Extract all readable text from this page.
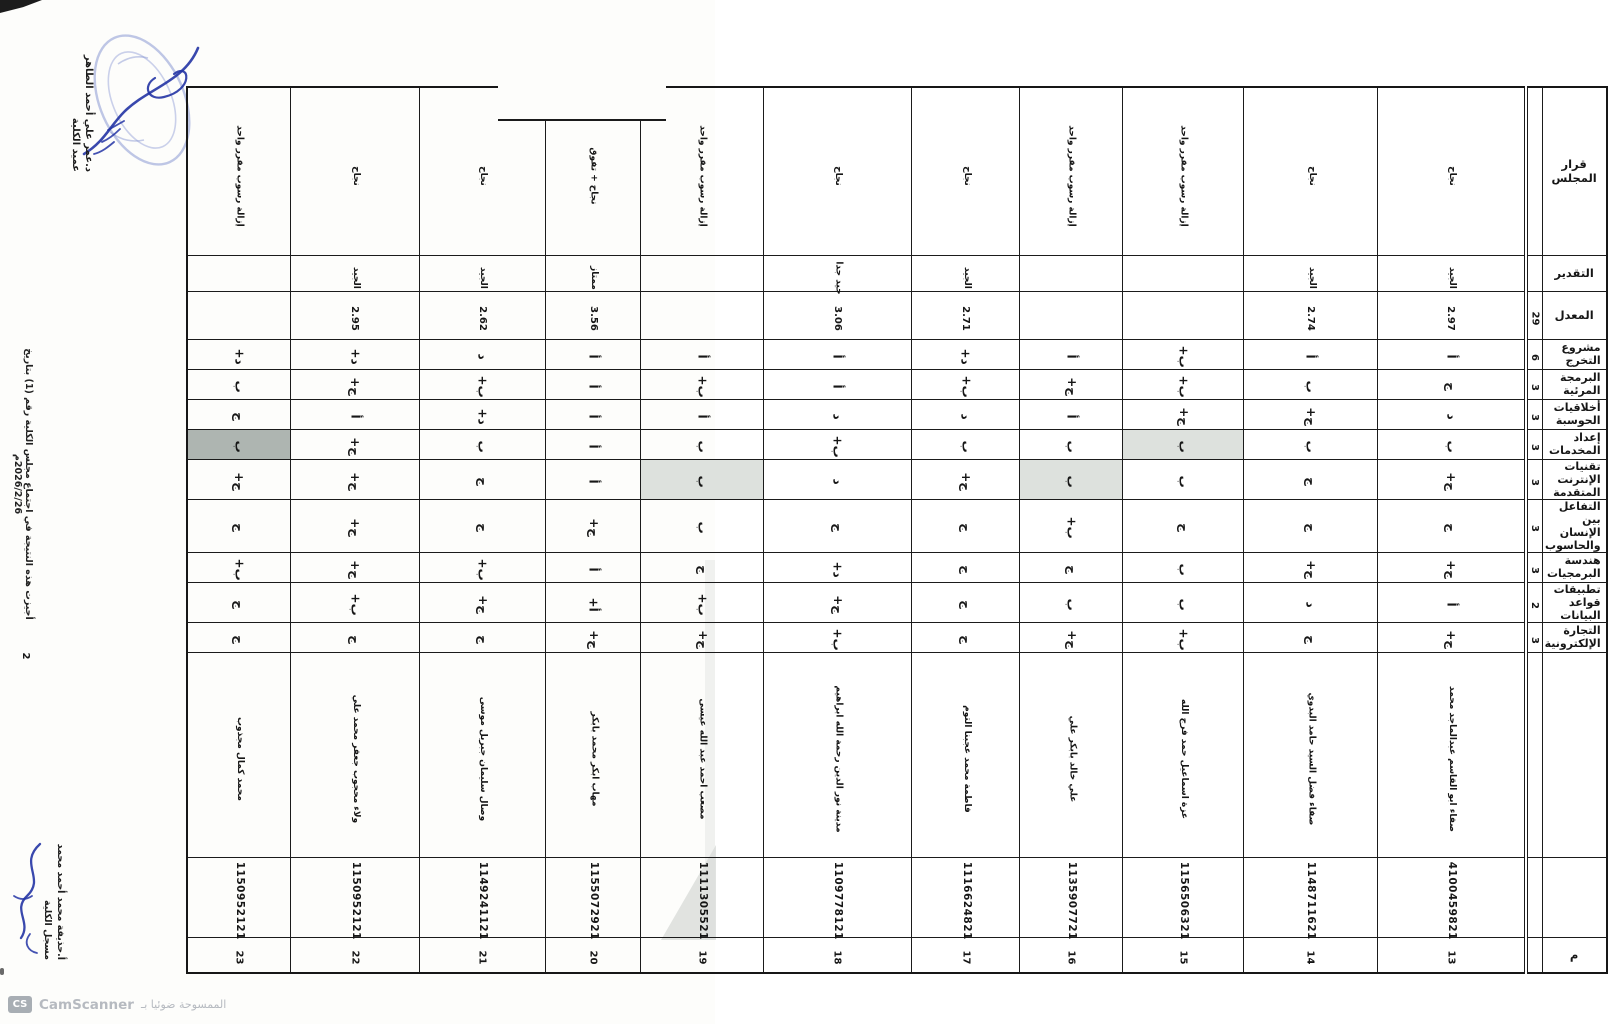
د.عمر علي أحمد الطاهر
عميد الكلية
أجيزت هذه النتيجة في اجتماع مجلس الكلية رقم (1) بتاريخ 2026/2/26م
2
إزالة رسوب مقرر واحد	نجاح	نجاح	نجاح + تفوق	إزالة رسوب مقرر واحد	نجاح	نجاح	إزالة رسوب مقرر واحد	إزالة رسوب مقرر واحد	نجاح	نجاح		قرار المجلس
	الجيد	الجيد	ممتاز		جيد جدا	الجيد			الجيد	الجيد		التقدير
	2.95	2.62	3.56		3.06	2.71			2.74	2.97	29	المعدل
د+	د+	د	أ	أ	أ	د+	أ	ب+	أ	أ	6	مشروع التخرج
ب	ج+	ب+	أ	ب+	أ	ب+	ج+	ب+	ب	ج	3	البرمجة المرئية
ج	أ	د+	أ	أ	د	د	أ	ج+	ج+	د	3	أخلاقيات الحوسبة
ب	ج+	ب	أ	ب	ب+	ب	ب	ب	ب	ب	3	إعداد المخدمات
ج+	ج+	ج	أ	ب	د	ج+	ب	ب	ج	ج+	3	تقنيات الإنترنت المتقدمة
ج	ج+	ج	ج+	ب	ج	ج	ب+	ج	ج	ج	3	التفاعل بين الإنسان والحاسوب
ب+	ج+	ب+	أ	ج	د+	ج	ج	ب	ج+	ج+	3	هندسة البرمجيات
ج	ب+	ج+	أ+	ب+	ج+	ج	ب	ب	د	أ	2	تطبيقات قواعد البيانات
ج	ج	ج	ج+	ج+	ب+	ج	ج+	ب+	ج	ج+	3	التجارة الإلكترونية
محمد كمال مجذوب	ولاء محجوب جعفر محمد علي	وصال سليمان جبريل موسى	مهاب ابكر محمد بابكر	مصعب احمد عبد الله عيسى	مدينة نور الدين رحمة الله ابراهيم	فاطمة محمد عجبنا التوم	علي خالد بابكر علي	عزة اسماعيل حمد فرج الله	صفاء فضل السيد حامد البدوي	صفاء ابو القاسم عبدالماجد محمد		
1150952121	1150952121	1149241121	1155072921	1111305521	1109778121	1116624821	1135907721	1156506321	1148711621	4100459821		
23	22	21	20	19	18	17	16	15	14	13		م
أ.حذيفة محمد أحمد محمد
مسجل الكلية
CS CamScanner الممسوحة ضوئيا بـ
